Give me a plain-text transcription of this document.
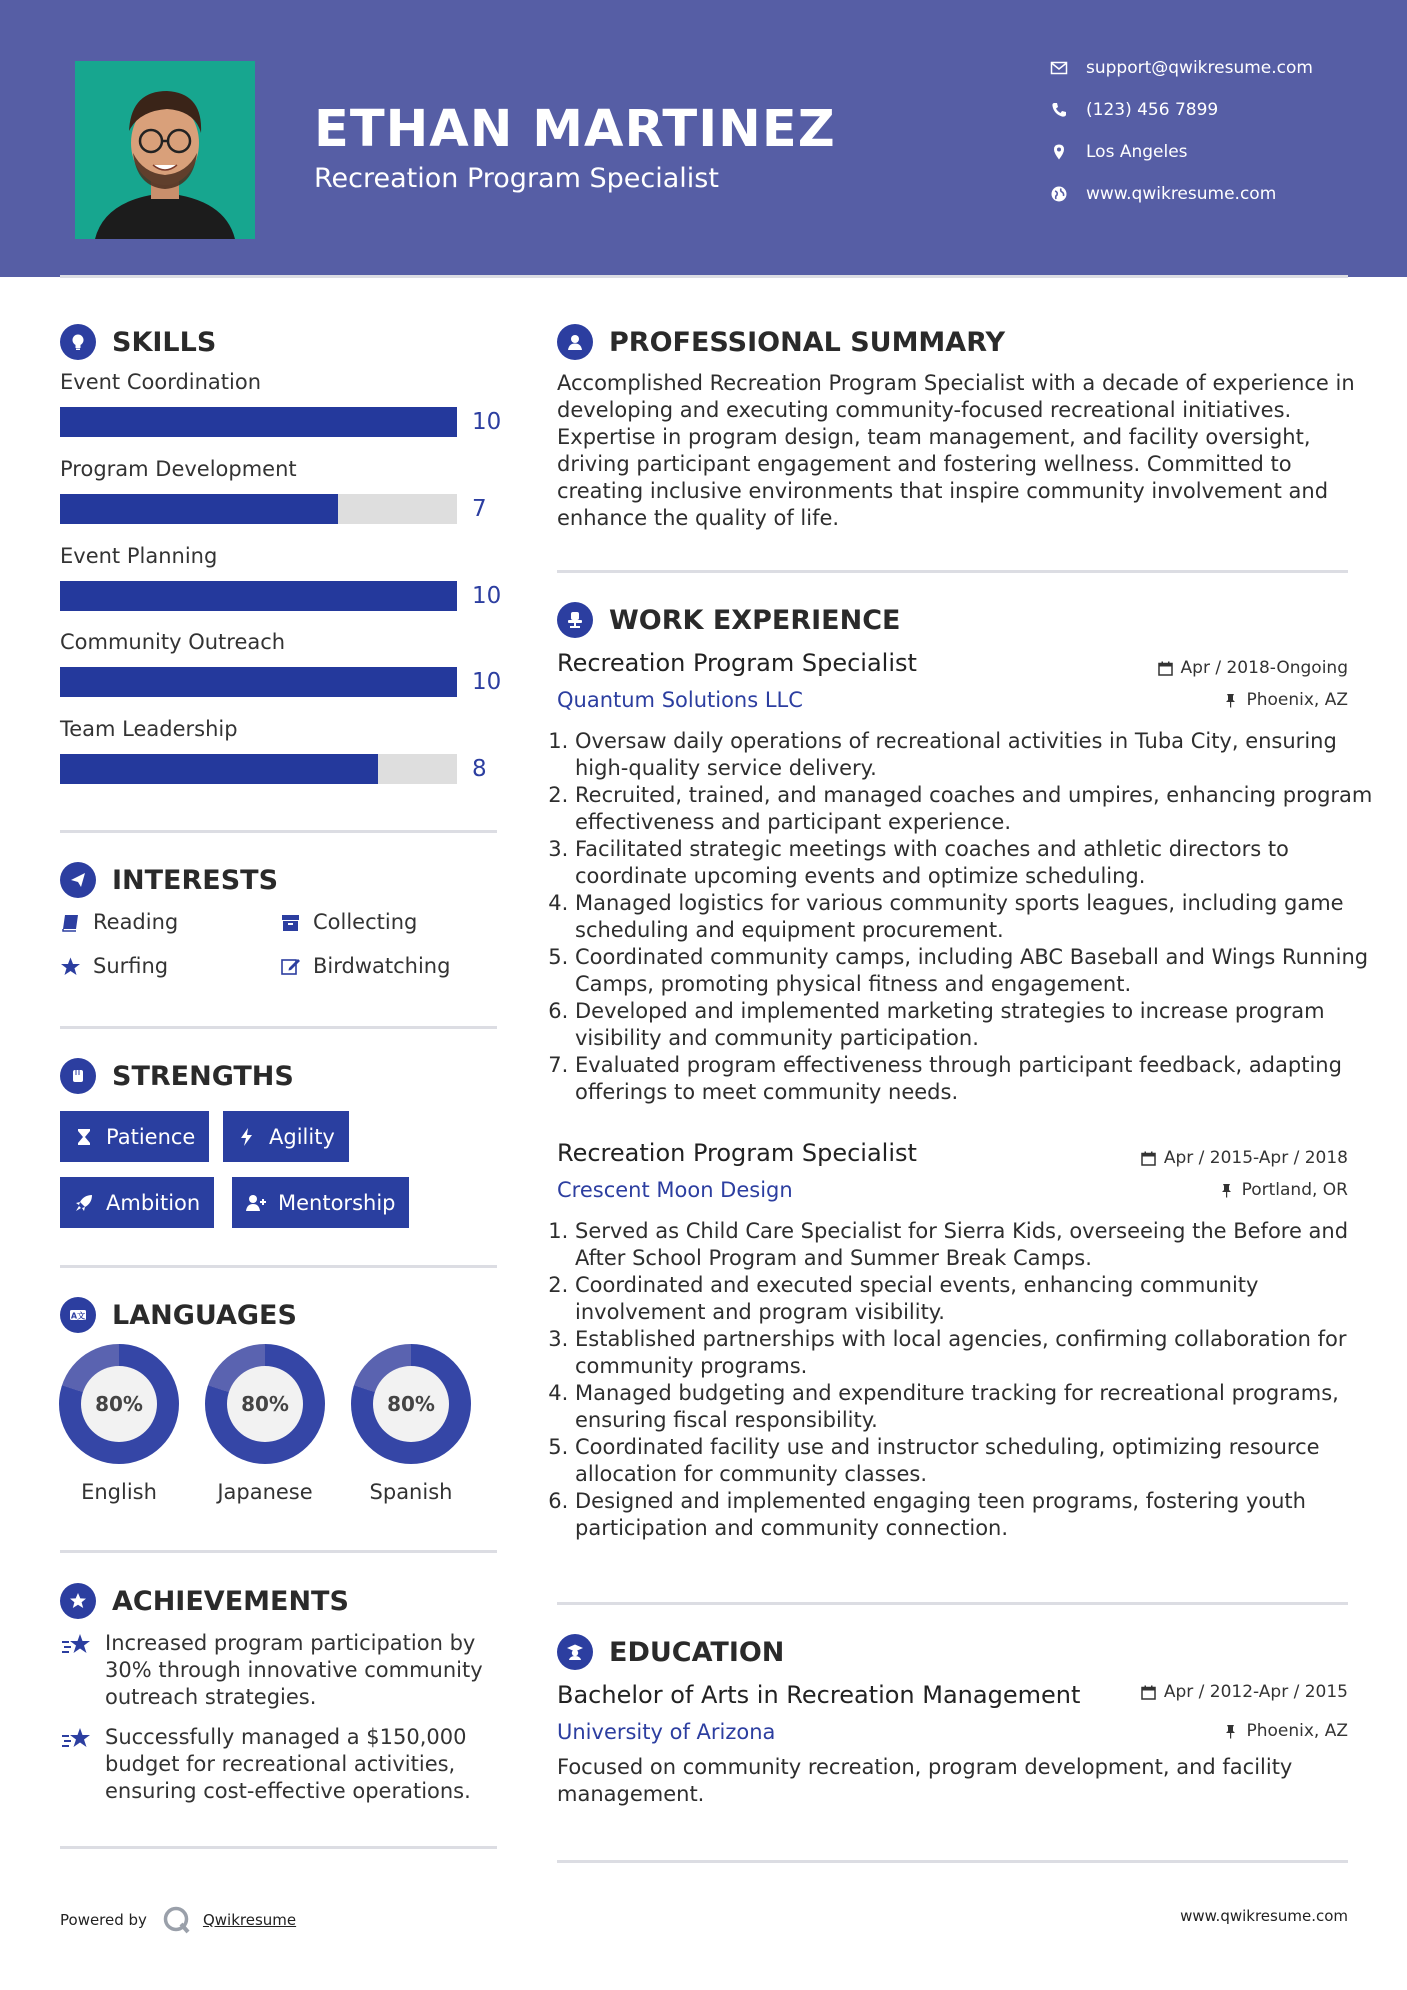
ETHAN MARTINEZ
Recreation Program Specialist
support@qwikresume.com
(123) 456 7899
Los Angeles
www.qwikresume.com
SKILLS
Event Coordination
10
Program Development
7
Event Planning
10
Community Outreach
10
Team Leadership
8
INTERESTS
Reading	Collecting
Surfing	Birdwatching
STRENGTHS
Patience	Agility
Ambition	Mentorship
A文 LANGUAGES
80%
English
80%
Japanese
80%
Spanish
ACHIEVEMENTS
Increased program participation by 30% through innovative community outreach strategies.
Successfully managed a $150,000 budget for recreational activities, ensuring cost-effective operations.
PROFESSIONAL SUMMARY
Accomplished Recreation Program Specialist with a decade of experience in developing and executing community-focused recreational initiatives. Expertise in program design, team management, and facility oversight, driving participant engagement and fostering wellness. Committed to creating inclusive environments that inspire community involvement and enhance the quality of life.
WORK EXPERIENCE
Recreation Program Specialist
Quantum Solutions LLC
Apr / 2018-Ongoing
Phoenix, AZ
1. Oversaw daily operations of recreational activities in Tuba City, ensuring high-quality service delivery.
2. Recruited, trained, and managed coaches and umpires, enhancing program effectiveness and participant experience.
3. Facilitated strategic meetings with coaches and athletic directors to coordinate upcoming events and optimize scheduling.
4. Managed logistics for various community sports leagues, including game scheduling and equipment procurement.
5. Coordinated community camps, including ABC Baseball and Wings Running Camps, promoting physical fitness and engagement.
6. Developed and implemented marketing strategies to increase program visibility and community participation.
7. Evaluated program effectiveness through participant feedback, adapting offerings to meet community needs.
Recreation Program Specialist
Crescent Moon Design
Apr / 2015-Apr / 2018
Portland, OR
1. Served as Child Care Specialist for Sierra Kids, overseeing the Before and After School Program and Summer Break Camps.
2. Coordinated and executed special events, enhancing community involvement and program visibility.
3. Established partnerships with local agencies, confirming collaboration for community programs.
4. Managed budgeting and expenditure tracking for recreational programs, ensuring fiscal responsibility.
5. Coordinated facility use and instructor scheduling, optimizing resource allocation for community classes.
6. Designed and implemented engaging teen programs, fostering youth participation and community connection.
EDUCATION
Bachelor of Arts in Recreation Management
University of Arizona
Apr / 2012-Apr / 2015
Phoenix, AZ
Focused on community recreation, program development, and facility management.
Powered by	Qwikresume	www.qwikresume.com
